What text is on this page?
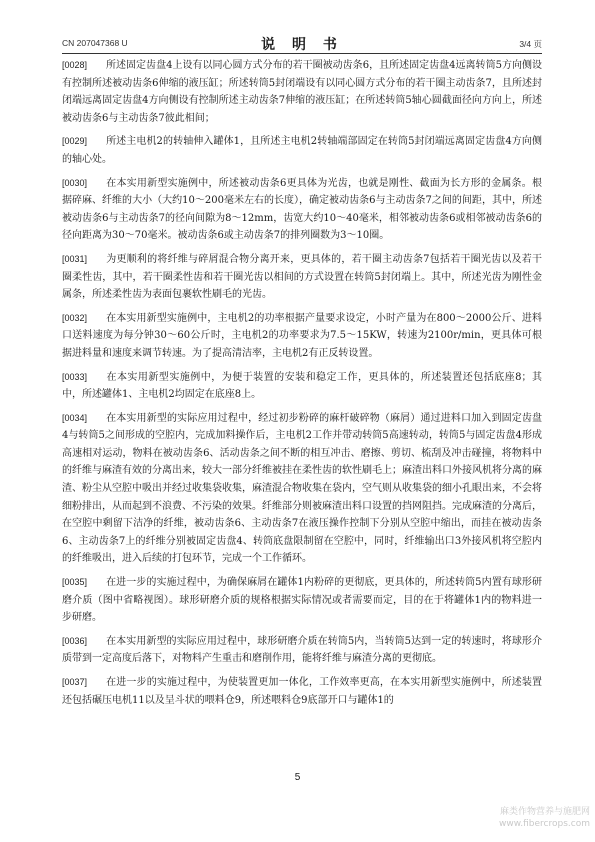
CN 207047368 U	说 明 书	3/4 页

[0028] 所述固定齿盘4上设有以同心圆方式分布的若干圈被动齿条6，且所述固定齿盘4远离转筒5方向侧设有控制所述被动齿条6伸缩的液压缸；所述转筒5封闭端设有以同心圆方式分布的若干圈主动齿条7，且所述封闭端远离固定齿盘4方向侧设有控制所述主动齿条7伸缩的液压缸；在所述转筒5轴心圆截面径向方向上，所述被动齿条6与主动齿条7彼此相间；

[0029] 所述主电机2的转轴伸入罐体1，且所述主电机2转轴端部固定在转筒5封闭端远离固定齿盘4方向侧的轴心处。

[0030] 在本实用新型实施例中，所述被动齿条6更具体为光齿，也就是刚性、截面为长方形的金属条。根据碎麻、纤维的大小（大约10～200毫米左右的长度），确定被动齿条6与主动齿条7之间的间距，其中，所述被动齿条6与主动齿条7的径向间隙为8～12mm，齿宽大约10～40毫米，相邻被动齿条6或相邻被动齿条6的径向距离为30～70毫米。被动齿条6或主动齿条7的排列圈数为3～10圈。

[0031] 为更顺利的将纤维与碎屑混合物分离开来，更具体的，若干圈主动齿条7包括若干圈光齿以及若干圈柔性齿，其中，若干圈柔性齿和若干圈光齿以相间的方式设置在转筒5封闭端上。其中，所述光齿为刚性金属条，所述柔性齿为表面包裹软性刷毛的光齿。

[0032] 在本实用新型实施例中，主电机2的功率根据产量要求设定，小时产量为在800～2000公斤、进料口送料速度为每分钟30～60公斤时，主电机2的功率要求为7.5～15KW，转速为2100r/min，更具体可根据进料量和速度来调节转速。为了提高清洁率，主电机2有正反转设置。

[0033] 在本实用新型实施例中，为便于装置的安装和稳定工作，更具体的，所述装置还包括底座8；其中，所述罐体1、主电机2均固定在底座8上。

[0034] 在本实用新型的实际应用过程中，经过初步粉碎的麻杆破碎物（麻屑）通过进料口加入到固定齿盘4与转筒5之间形成的空腔内，完成加料操作后，主电机2工作并带动转筒5高速转动，转筒5与固定齿盘4形成高速相对运动，物料在被动齿条6、活动齿条之间不断的相互冲击、磨擦、剪切、梳刮及冲击碰撞，将物料中的纤维与麻渣有效的分离出来，较大一部分纤维被挂在柔性齿的软性刷毛上；麻渣出料口外接风机将分离的麻渣、粉尘从空腔中吸出并经过收集袋收集，麻渣混合物收集在袋内，空气则从收集袋的细小孔眼出来，不会将细粉排出，从而起到不浪费、不污染的效果。纤维部分则被麻渣出料口设置的挡网阻挡。完成麻渣的分离后，在空腔中剩留下洁净的纤维，被动齿条6、主动齿条7在液压操作控制下分别从空腔中缩出，而挂在被动齿条6、主动齿条7上的纤维分别被固定齿盘4、转筒底盘限制留在空腔中，同时，纤维输出口3外接风机将空腔内的纤维吸出，进入后续的打包环节，完成一个工作循环。

[0035] 在进一步的实施过程中，为确保麻屑在罐体1内粉碎的更彻底，更具体的，所述转筒5内置有球形研磨介质（图中省略视图）。球形研磨介质的规格根据实际情况或者需要而定，目的在于将罐体1内的物料进一步研磨。

[0036] 在本实用新型的实际应用过程中，球形研磨介质在转筒5内，当转筒5达到一定的转速时，将球形介质带到一定高度后落下，对物料产生重击和磨削作用，能将纤维与麻渣分离的更彻底。

[0037] 在进一步的实施过程中，为使装置更加一体化，工作效率更高，在本实用新型实施例中，所述装置还包括碾压电机11以及呈斗状的喂料仓9，所述喂料仓9底部开口与罐体1的

5
麻类作物营养与施肥网
www.fibercrops.com
